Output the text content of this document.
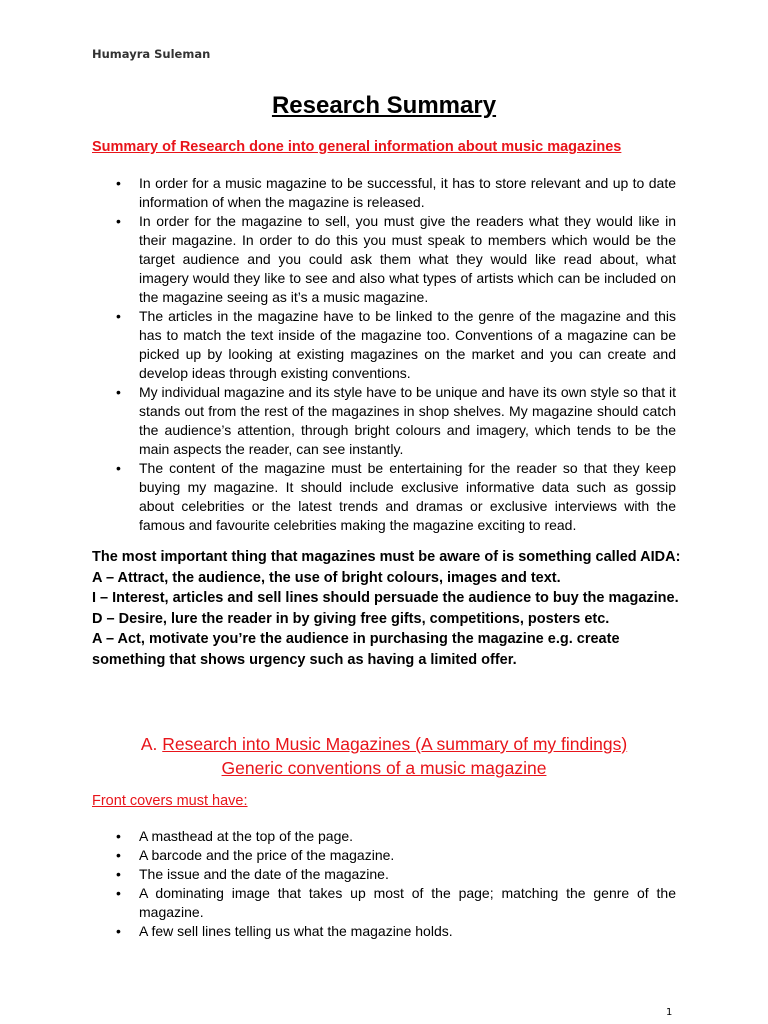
Humayra Suleman
Research Summary
Summary of Research done into general information about music magazines
• In order for a music magazine to be successful, it has to store relevant and up to date information of when the magazine is released.
• In order for the magazine to sell, you must give the readers what they would like in their magazine. In order to do this you must speak to members which would be the target audience and you could ask them what they would like read about, what imagery would they like to see and also what types of artists which can be included on the magazine seeing as it’s a music magazine.
• The articles in the magazine have to be linked to the genre of the magazine and this has to match the text inside of the magazine too. Conventions of a magazine can be picked up by looking at existing magazines on the market and you can create and develop ideas through existing conventions.
• My individual magazine and its style have to be unique and have its own style so that it stands out from the rest of the magazines in shop shelves. My magazine should catch the audience’s attention, through bright colours and imagery, which tends to be the main aspects the reader, can see instantly.
• The content of the magazine must be entertaining for the reader so that they keep buying my magazine. It should include exclusive informative data such as gossip about celebrities or the latest trends and dramas or exclusive interviews with the famous and favourite celebrities making the magazine exciting to read.

The most important thing that magazines must be aware of is something called AIDA:

A – Attract, the audience, the use of bright colours, images and text.

I – Interest, articles and sell lines should persuade the audience to buy the magazine.

D – Desire, lure the reader in by giving free gifts, competitions, posters etc.

A – Act, motivate you’re the audience in purchasing the magazine e.g. create something that shows urgency such as having a limited offer.

A. Research into Music Magazines (A summary of my findings)
Generic conventions of a music magazine
Front covers must have:
• A masthead at the top of the page.
• A barcode and the price of the magazine.
• The issue and the date of the magazine.
• A dominating image that takes up most of the page; matching the genre of the magazine.
• A few sell lines telling us what the magazine holds.
1
